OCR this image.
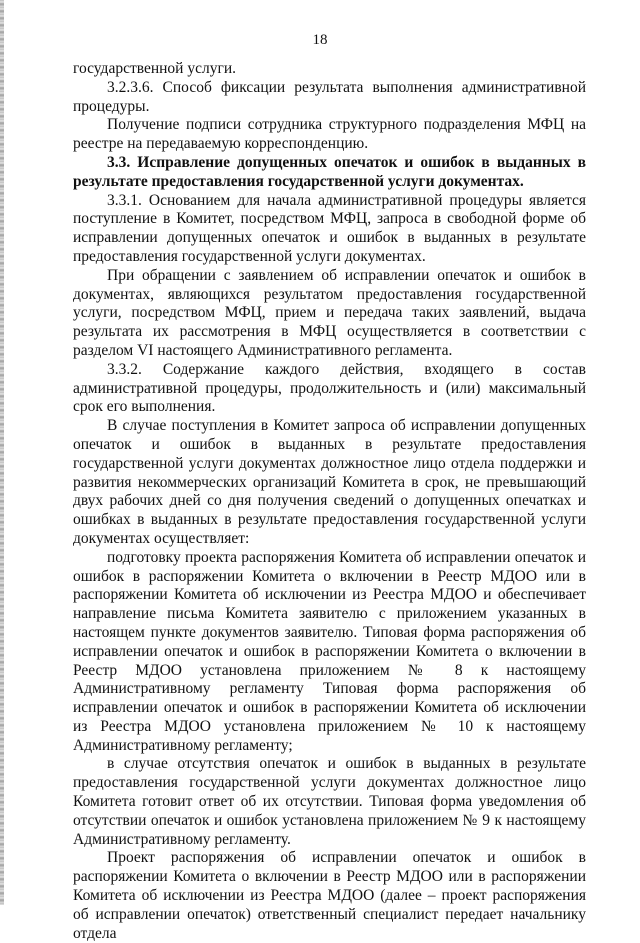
18

государственной услуги.

3.2.3.6. Способ фиксации результата выполнения административной процедуры.

Получение подписи сотрудника структурного подразделения МФЦ на реестре на передаваемую корреспонденцию.

3.3. Исправление допущенных опечаток и ошибок в выданных в результате предоставления государственной услуги документах.

3.3.1. Основанием для начала административной процедуры является поступление в Комитет, посредством МФЦ, запроса в свободной форме об исправлении допущенных опечаток и ошибок в выданных в результате предоставления государственной услуги документах.

При обращении с заявлением об исправлении опечаток и ошибок в документах, являющихся результатом предоставления государственной услуги, посредством МФЦ, прием и передача таких заявлений, выдача результата их рассмотрения в МФЦ осуществляется в соответствии с разделом VI настоящего Административного регламента.

3.3.2. Содержание каждого действия, входящего в состав административной процедуры, продолжительность и (или) максимальный срок его выполнения.

В случае поступления в Комитет запроса об исправлении допущенных опечаток и ошибок в выданных в результате предоставления государственной услуги документах должностное лицо отдела поддержки и развития некоммерческих организаций Комитета в срок, не превышающий двух рабочих дней со дня получения сведений о допущенных опечатках и ошибках в выданных в результате предоставления государственной услуги документах осуществляет:

подготовку проекта распоряжения Комитета об исправлении опечаток и ошибок в распоряжении Комитета о включении в Реестр МДОО или в распоряжении Комитета об исключении из Реестра МДОО и обеспечивает направление письма Комитета заявителю с приложением указанных в настоящем пункте документов заявителю. Типовая форма распоряжения об исправлении опечаток и ошибок в распоряжении Комитета о включении в Реестр МДОО установлена приложением № 8 к настоящему Административному регламенту Типовая форма распоряжения об исправлении опечаток и ошибок в распоряжении Комитета об исключении из Реестра МДОО установлена приложением № 10 к настоящему Административному регламенту;

в случае отсутствия опечаток и ошибок в выданных в результате предоставления государственной услуги документах должностное лицо Комитета готовит ответ об их отсутствии. Типовая форма уведомления об отсутствии опечаток и ошибок установлена приложением № 9 к настоящему Административному регламенту.

Проект распоряжения об исправлении опечаток и ошибок в распоряжении Комитета о включении в Реестр МДОО или в распоряжении Комитета об исключении из Реестра МДОО (далее – проект распоряжения об исправлении опечаток) ответственный специалист передает начальнику отдела
